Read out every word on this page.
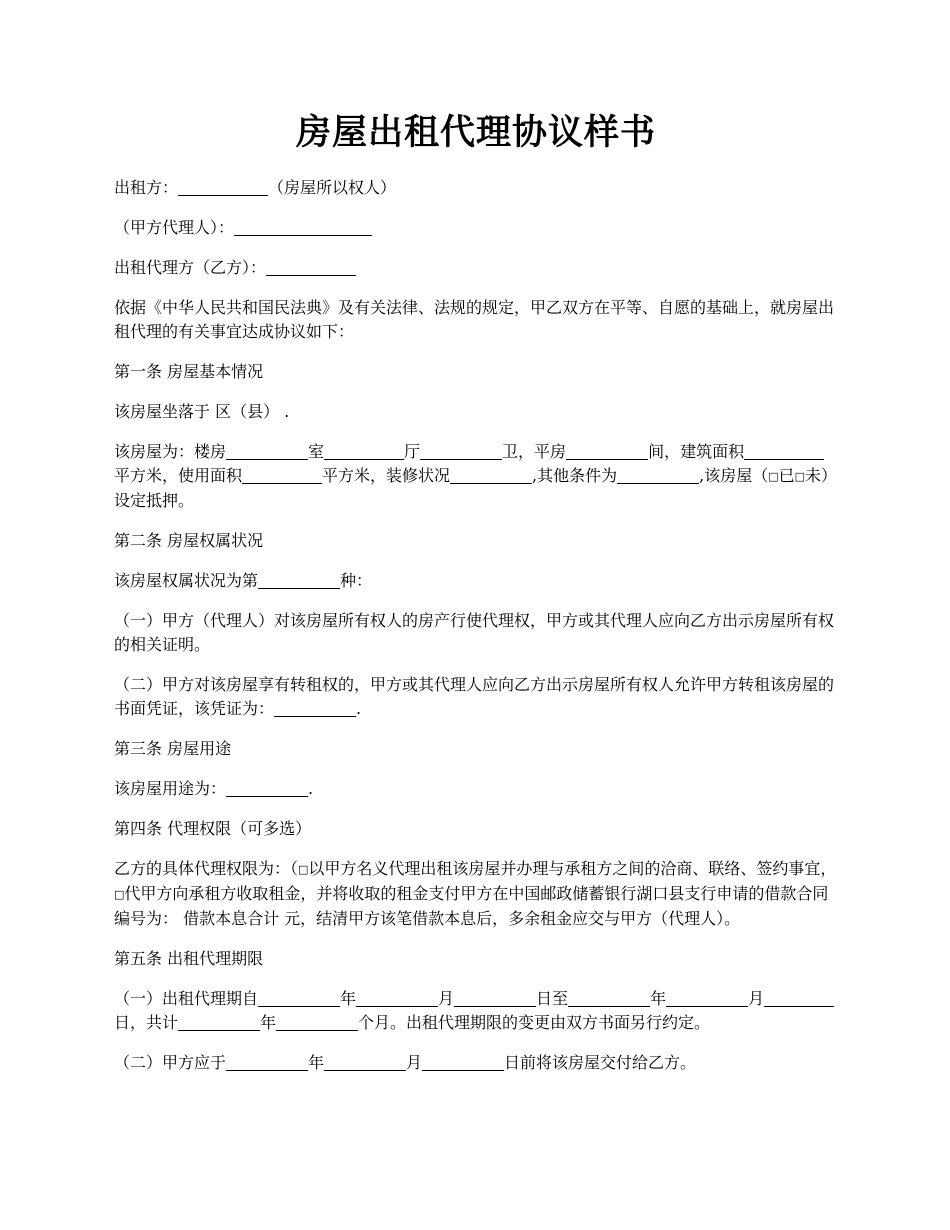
房屋出租代理协议样书

出租方：	（房屋所以权人）

（甲方代理人）：

出租代理方（乙方）：

依据《中华人民共和国民法典》及有关法律、法规的规定，甲乙双方在平等、自愿的基础上，就房屋出租代理的有关事宜达成协议如下：

第一条 房屋基本情况

该房屋坐落于 区（县） .

该房屋为：楼房	室	厅	卫，平房	间，建筑面积平方米，使用面积	平方米，装修状况	,其他条件为	,该房屋（□已□未）设定抵押。

第二条 房屋权属状况

该房屋权属状况为第	种：

（一）甲方（代理人）对该房屋所有权人的房产行使代理权，甲方或其代理人应向乙方出示房屋所有权的相关证明。

（二）甲方对该房屋享有转租权的，甲方或其代理人应向乙方出示房屋所有权人允许甲方转租该房屋的书面凭证，该凭证为：	.

第三条 房屋用途

该房屋用途为：	.

第四条 代理权限（可多选）

乙方的具体代理权限为：（□以甲方名义代理出租该房屋并办理与承租方之间的洽商、联络、签约事宜，□代甲方向承租方收取租金，并将收取的租金支付甲方在中国邮政储蓄银行湖口县支行申请的借款合同编号为： 借款本息合计 元，结清甲方该笔借款本息后，多余租金应交与甲方（代理人）。

第五条 出租代理期限

（一）出租代理期自	年	月	日至	年	月日，共计	年	个月。出租代理期限的变更由双方书面另行约定。

（二）甲方应于	年	月	日前将该房屋交付给乙方。
